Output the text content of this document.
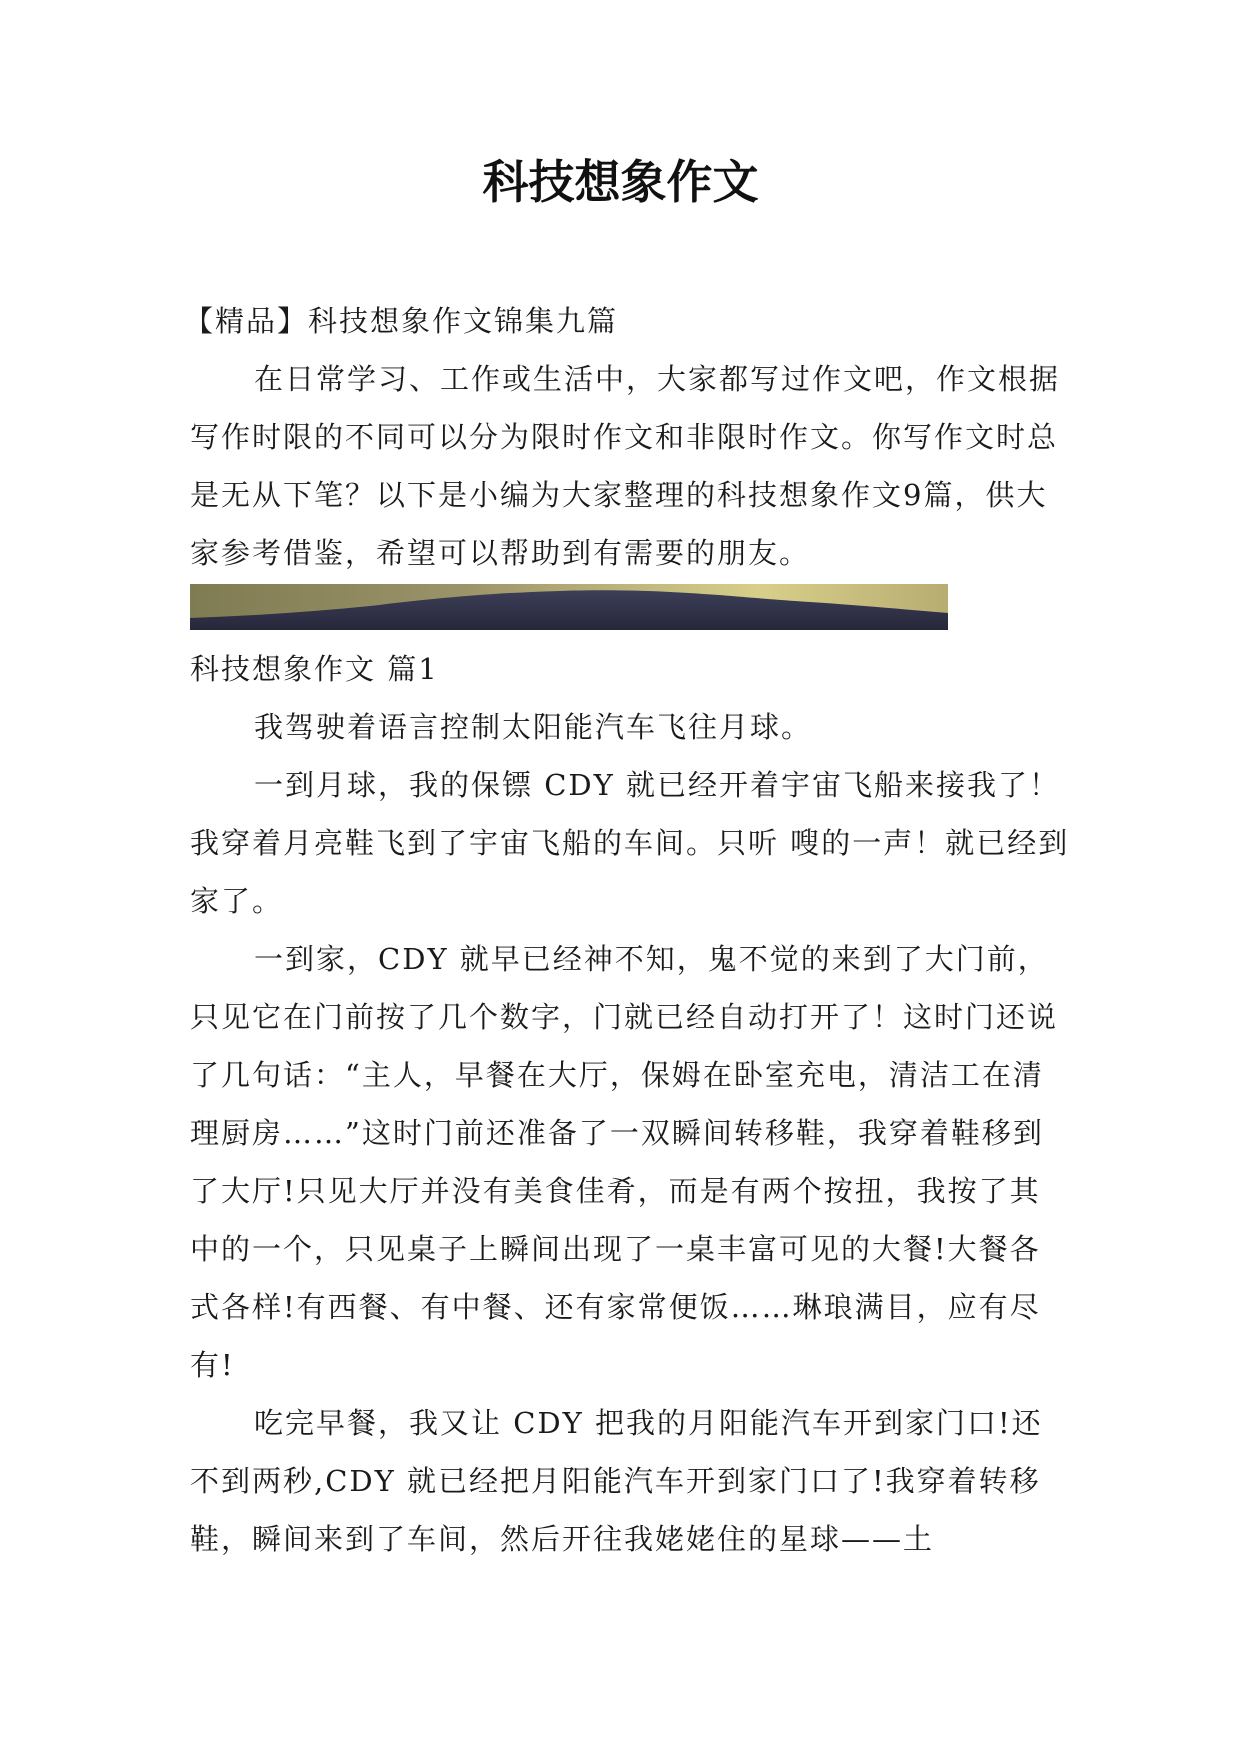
科技想象作文

【精品】科技想象作文锦集九篇

在日常学习、工作或生活中，大家都写过作文吧，作文根据写作时限的不同可以分为限时作文和非限时作文。你写作文时总是无从下笔？以下是小编为大家整理的科技想象作文9篇，供大家参考借鉴，希望可以帮助到有需要的朋友。

科技想象作文 篇1

我驾驶着语言控制太阳能汽车飞往月球。

一到月球，我的保镖 CDY 就已经开着宇宙飞船来接我了！我穿着月亮鞋飞到了宇宙飞船的车间。只听 嗖的一声！就已经到家了。

一到家，CDY 就早已经神不知，鬼不觉的来到了大门前，只见它在门前按了几个数字，门就已经自动打开了！这时门还说了几句话：“主人，早餐在大厅，保姆在卧室充电，清洁工在清理厨房……”这时门前还准备了一双瞬间转移鞋，我穿着鞋移到了大厅!只见大厅并没有美食佳肴，而是有两个按扭，我按了其中的一个，只见桌子上瞬间出现了一桌丰富可见的大餐!大餐各式各样!有西餐、有中餐、还有家常便饭……琳琅满目，应有尽有!

吃完早餐，我又让 CDY 把我的月阳能汽车开到家门口!还不到两秒,CDY 就已经把月阳能汽车开到家门口了!我穿着转移鞋，瞬间来到了车间，然后开往我姥姥住的星球——土
